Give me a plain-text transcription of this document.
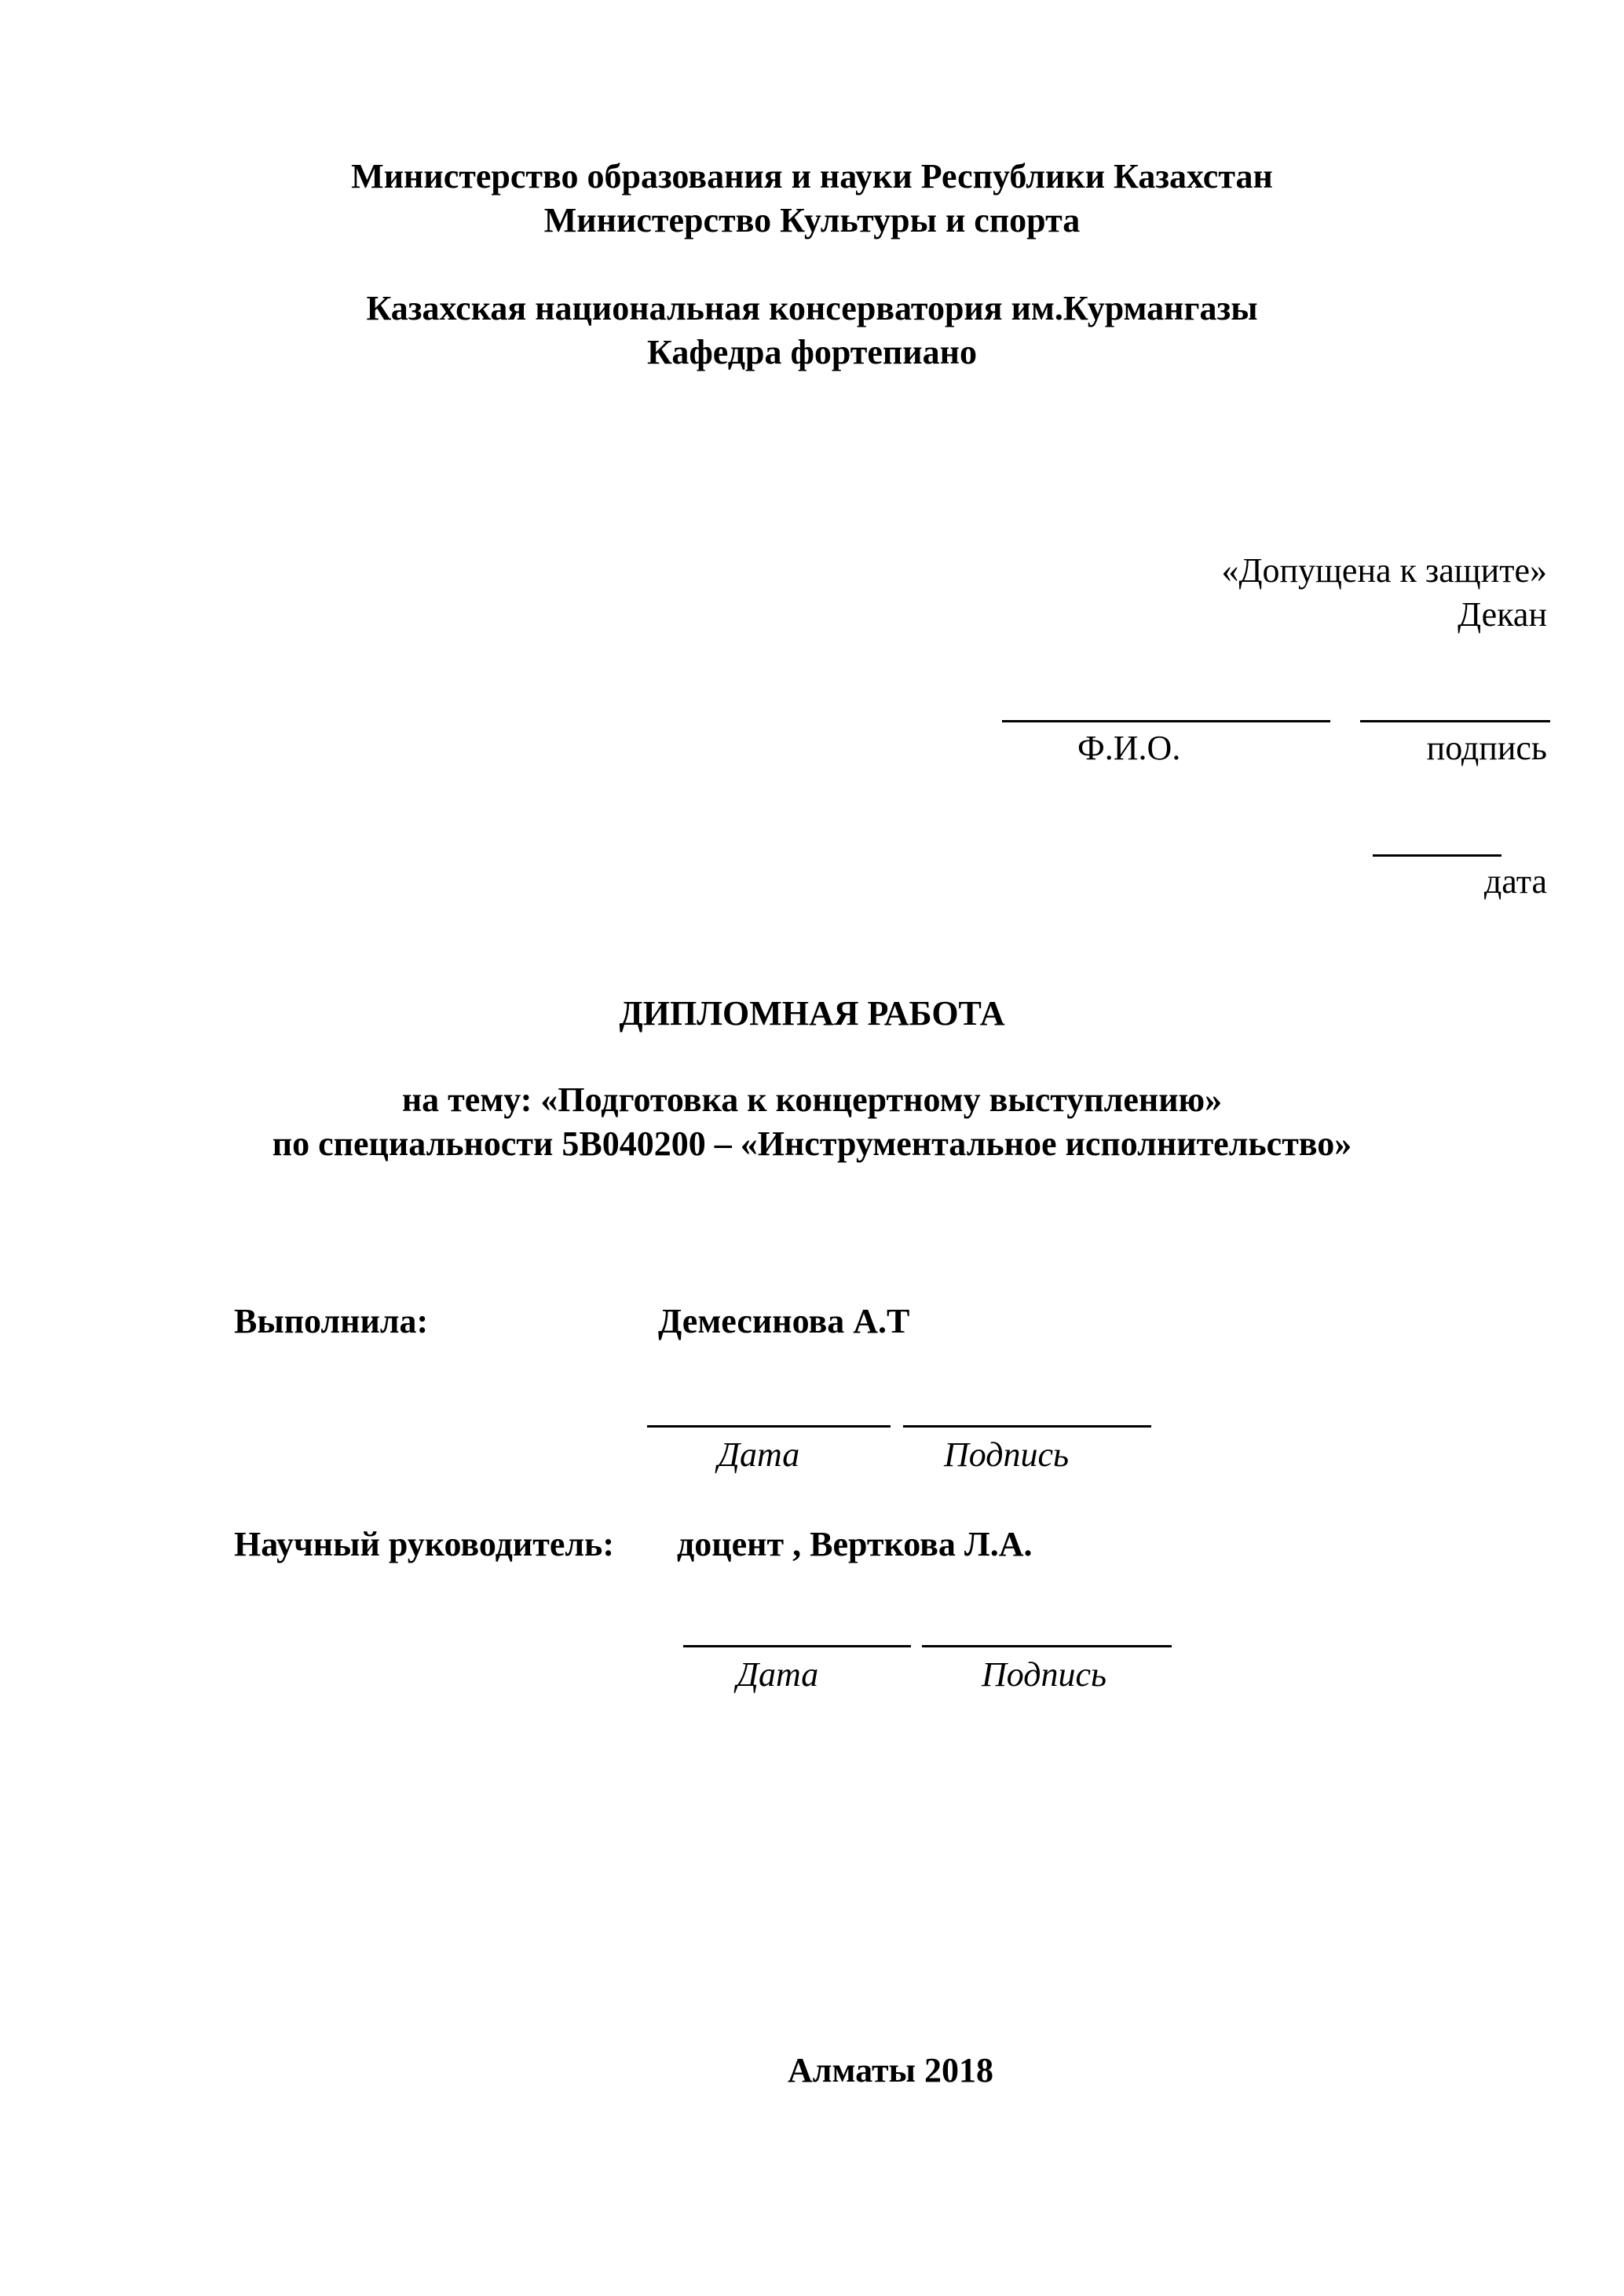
Министерство образования и науки Республики Казахстан
Министерство Культуры и спорта
Казахская национальная консерватория им.Курмангазы
Кафедра фортепиано
«Допущена к защите»
Декан
Ф.И.О.	подпись
дата
ДИПЛОМНАЯ РАБОТА
на тему: «Подготовка к концертному выступлению»
по специальности 5В040200 – «Инструментальное исполнительство»
Выполнила:	Демесинова А.Т
Дата	Подпись
Научный руководитель: доцент , Верткова Л.А.
Дата	Подпись
Алматы 2018
